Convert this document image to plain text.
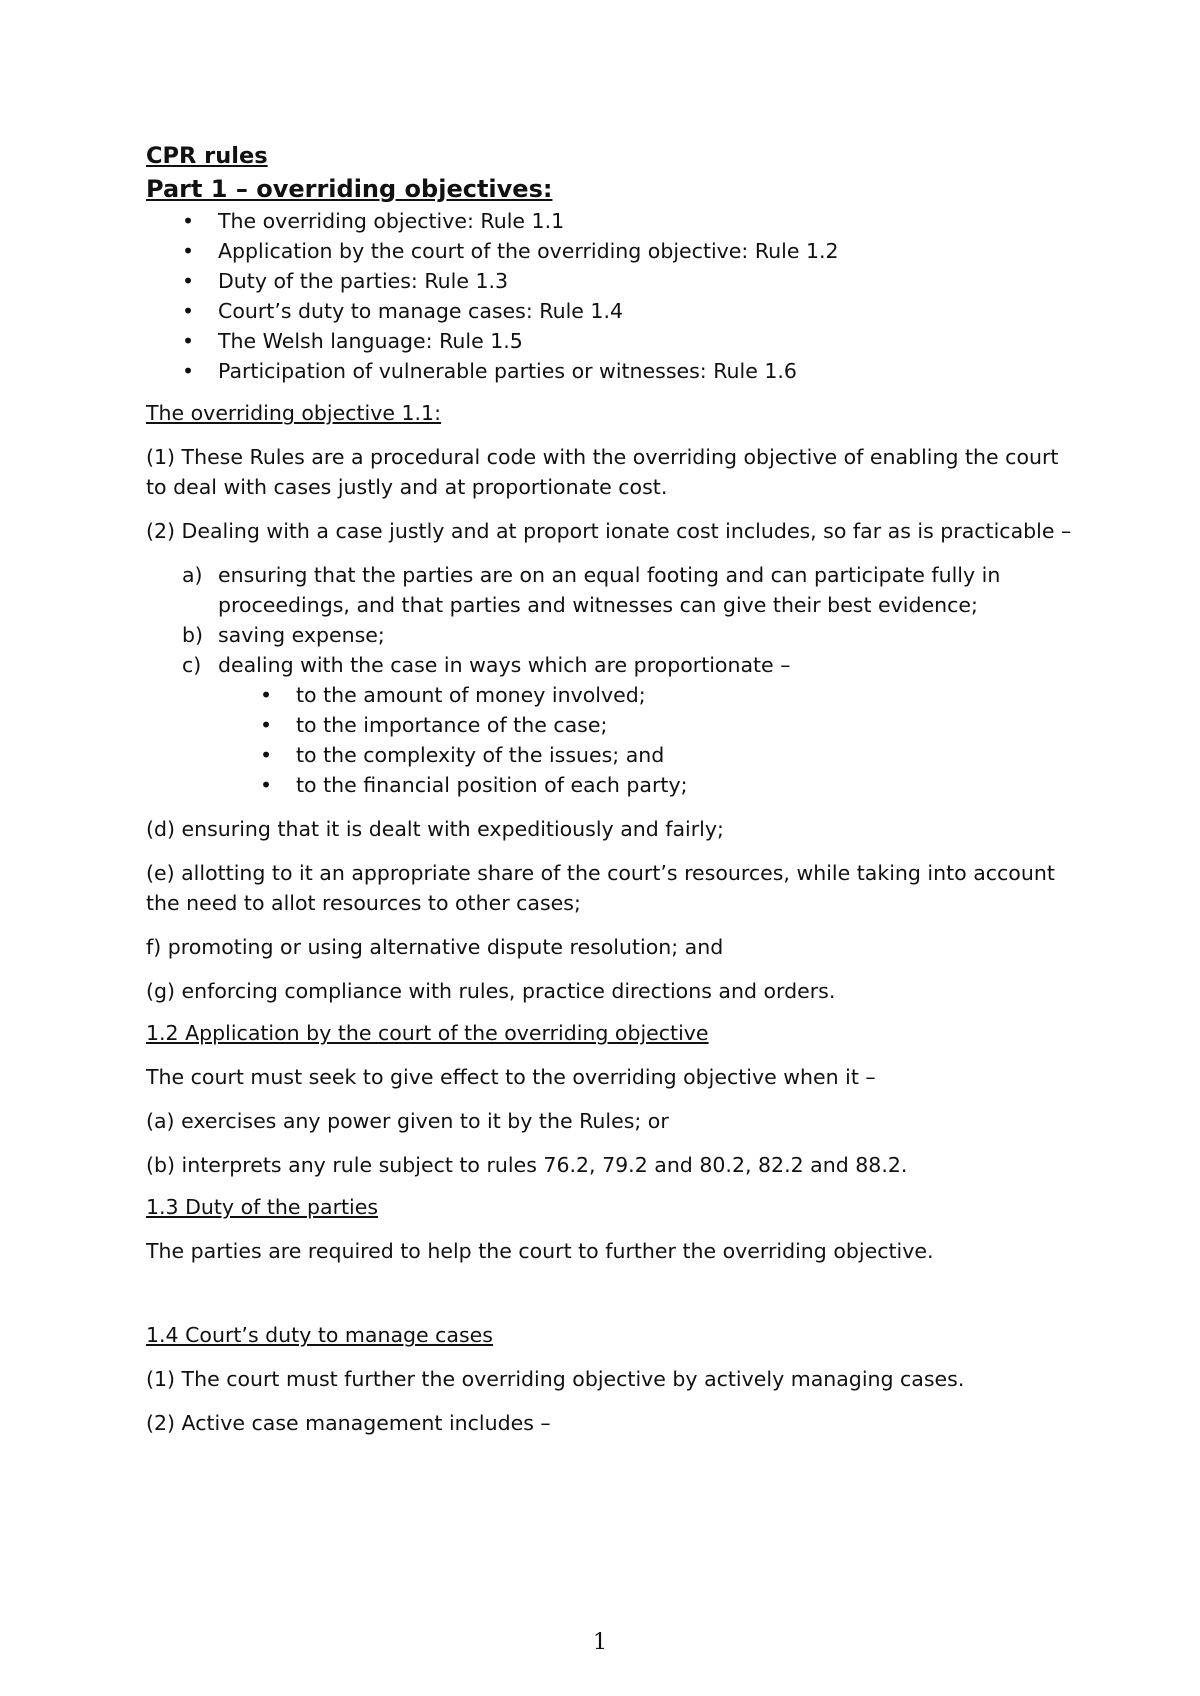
CPR rules
Part 1 – overriding objectives:
• The overriding objective: Rule 1.1
• Application by the court of the overriding objective: Rule 1.2
• Duty of the parties: Rule 1.3
• Court’s duty to manage cases: Rule 1.4
• The Welsh language: Rule 1.5
• Participation of vulnerable parties or witnesses: Rule 1.6
The overriding objective 1.1:

(1) These Rules are a procedural code with the overriding objective of enabling the court to deal with cases justly and at proportionate cost.

(2) Dealing with a case justly and at proport ionate cost includes, so far as is practicable –

a) ensuring that the parties are on an equal footing and can participate fully in proceedings, and that parties and witnesses can give their best evidence;
b) saving expense;
c) dealing with the case in ways which are proportionate –
• to the amount of money involved;
• to the importance of the case;
• to the complexity of the issues; and
• to the financial position of each party;

(d) ensuring that it is dealt with expeditiously and fairly;

(e) allotting to it an appropriate share of the court’s resources, while taking into account the need to allot resources to other cases;

f) promoting or using alternative dispute resolution; and

(g) enforcing compliance with rules, practice directions and orders.

1.2 Application by the court of the overriding objective

The court must seek to give effect to the overriding objective when it –

(a) exercises any power given to it by the Rules; or

(b) interprets any rule subject to rules 76.2, 79.2 and 80.2, 82.2 and 88.2.

1.3 Duty of the parties

The parties are required to help the court to further the overriding objective.

1.4 Court’s duty to manage cases

(1) The court must further the overriding objective by actively managing cases.

(2) Active case management includes –

1
